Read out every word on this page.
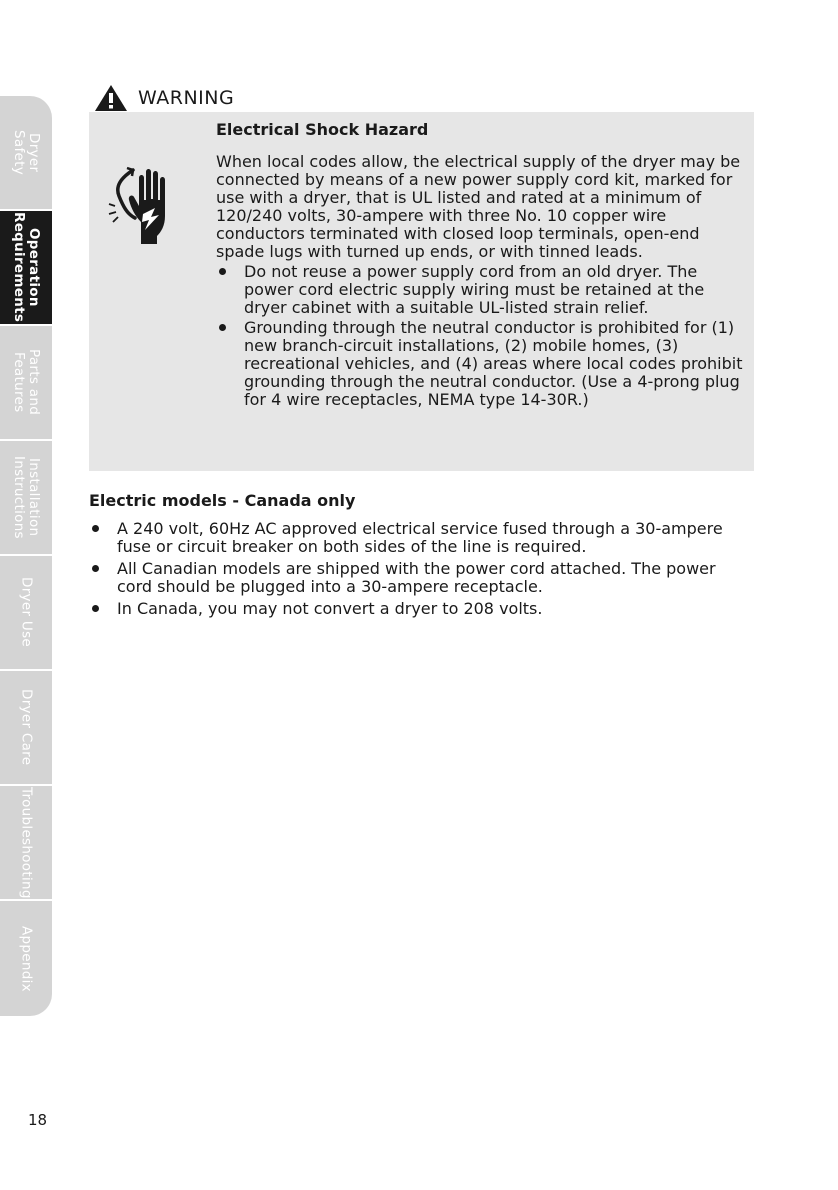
Dryer
Safety
Operation
Requirements
Parts and
Features
Installation
Instructions
Dryer Use
Dryer Care
Troubleshooting
Appendix
WARNING

Electrical Shock Hazard

When local codes allow, the electrical supply of the dryer may be connected by means of a new power supply cord kit, marked for use with a dryer, that is UL listed and rated at a minimum of 120/240 volts, 30-ampere with three No. 10 copper wire conductors terminated with closed loop terminals, open-end spade lugs with turned up ends, or with tinned leads.

Do not reuse a power supply cord from an old dryer. The power cord electric supply wiring must be retained at the dryer cabinet with a suitable UL-listed strain relief.
Grounding through the neutral conductor is prohibited for (1) new branch-circuit installations, (2) mobile homes, (3) recreational vehicles, and (4) areas where local codes prohibit grounding through the neutral conductor. (Use a 4-prong plug for 4 wire receptacles, NEMA type 14-30R.)
Electric models - Canada only
A 240 volt, 60Hz AC approved electrical service fused through a 30-ampere fuse or circuit breaker on both sides of the line is required.
All Canadian models are shipped with the power cord attached. The power cord should be plugged into a 30-ampere receptacle.
In Canada, you may not convert a dryer to 208 volts.
18
